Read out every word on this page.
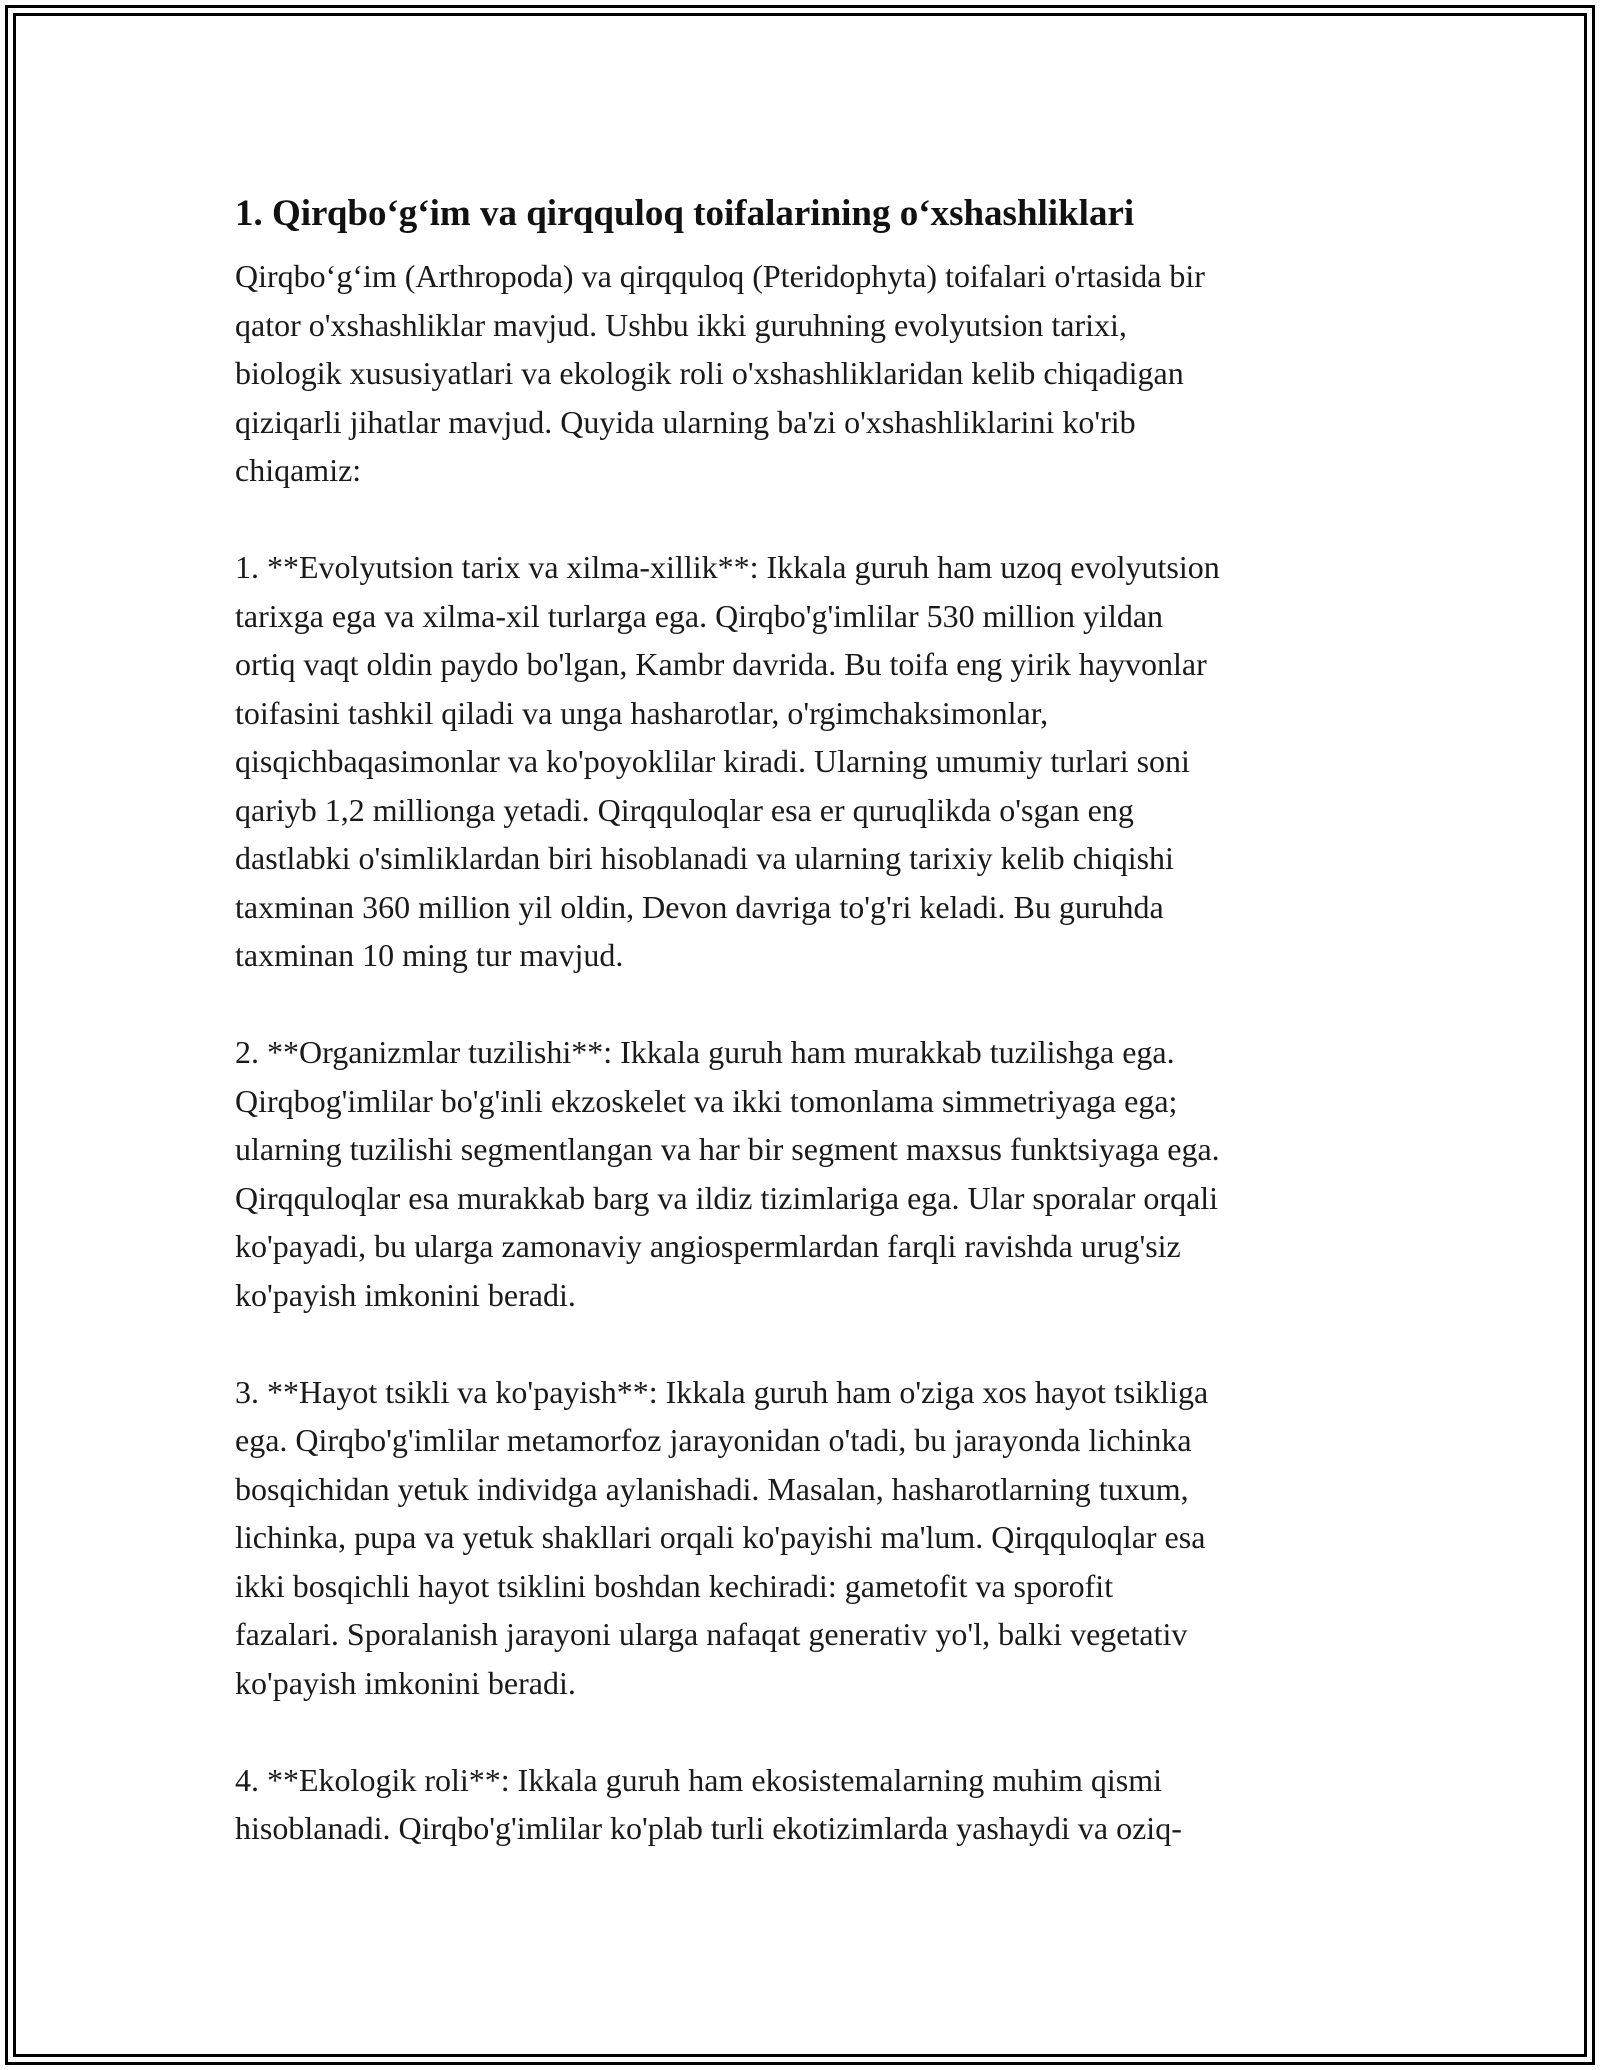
1. Qirqbo‘g‘im va qirqquloq toifalarining o‘xshashliklari

Qirqbo‘g‘im (Arthropoda) va qirqquloq (Pteridophyta) toifalari o'rtasida bir
qator o'xshashliklar mavjud. Ushbu ikki guruhning evolyutsion tarixi,
biologik xususiyatlari va ekologik roli o'xshashliklaridan kelib chiqadigan
qiziqarli jihatlar mavjud. Quyida ularning ba'zi o'xshashliklarini ko'rib
chiqamiz:

1. **Evolyutsion tarix va xilma-xillik**: Ikkala guruh ham uzoq evolyutsion
tarixga ega va xilma-xil turlarga ega. Qirqbo'g'imlilar 530 million yildan
ortiq vaqt oldin paydo bo'lgan, Kambr davrida. Bu toifa eng yirik hayvonlar
toifasini tashkil qiladi va unga hasharotlar, o'rgimchaksimonlar,
qisqichbaqasimonlar va ko'poyoklilar kiradi. Ularning umumiy turlari soni
qariyb 1,2 millionga yetadi. Qirqquloqlar esa er quruqlikda o'sgan eng
dastlabki o'simliklardan biri hisoblanadi va ularning tarixiy kelib chiqishi
taxminan 360 million yil oldin, Devon davriga to'g'ri keladi. Bu guruhda
taxminan 10 ming tur mavjud.

2. **Organizmlar tuzilishi**: Ikkala guruh ham murakkab tuzilishga ega.
Qirqbog'imlilar bo'g'inli ekzoskelet va ikki tomonlama simmetriyaga ega;
ularning tuzilishi segmentlangan va har bir segment maxsus funktsiyaga ega.
Qirqquloqlar esa murakkab barg va ildiz tizimlariga ega. Ular sporalar orqali
ko'payadi, bu ularga zamonaviy angiospermlardan farqli ravishda urug'siz
ko'payish imkonini beradi.

3. **Hayot tsikli va ko'payish**: Ikkala guruh ham o'ziga xos hayot tsikliga
ega. Qirqbo'g'imlilar metamorfoz jarayonidan o'tadi, bu jarayonda lichinka
bosqichidan yetuk individga aylanishadi. Masalan, hasharotlarning tuxum,
lichinka, pupa va yetuk shakllari orqali ko'payishi ma'lum. Qirqquloqlar esa
ikki bosqichli hayot tsiklini boshdan kechiradi: gametofit va sporofit
fazalari. Sporalanish jarayoni ularga nafaqat generativ yo'l, balki vegetativ
ko'payish imkonini beradi.

4. **Ekologik roli**: Ikkala guruh ham ekosistemalarning muhim qismi
hisoblanadi. Qirqbo'g'imlilar ko'plab turli ekotizimlarda yashaydi va oziq-
